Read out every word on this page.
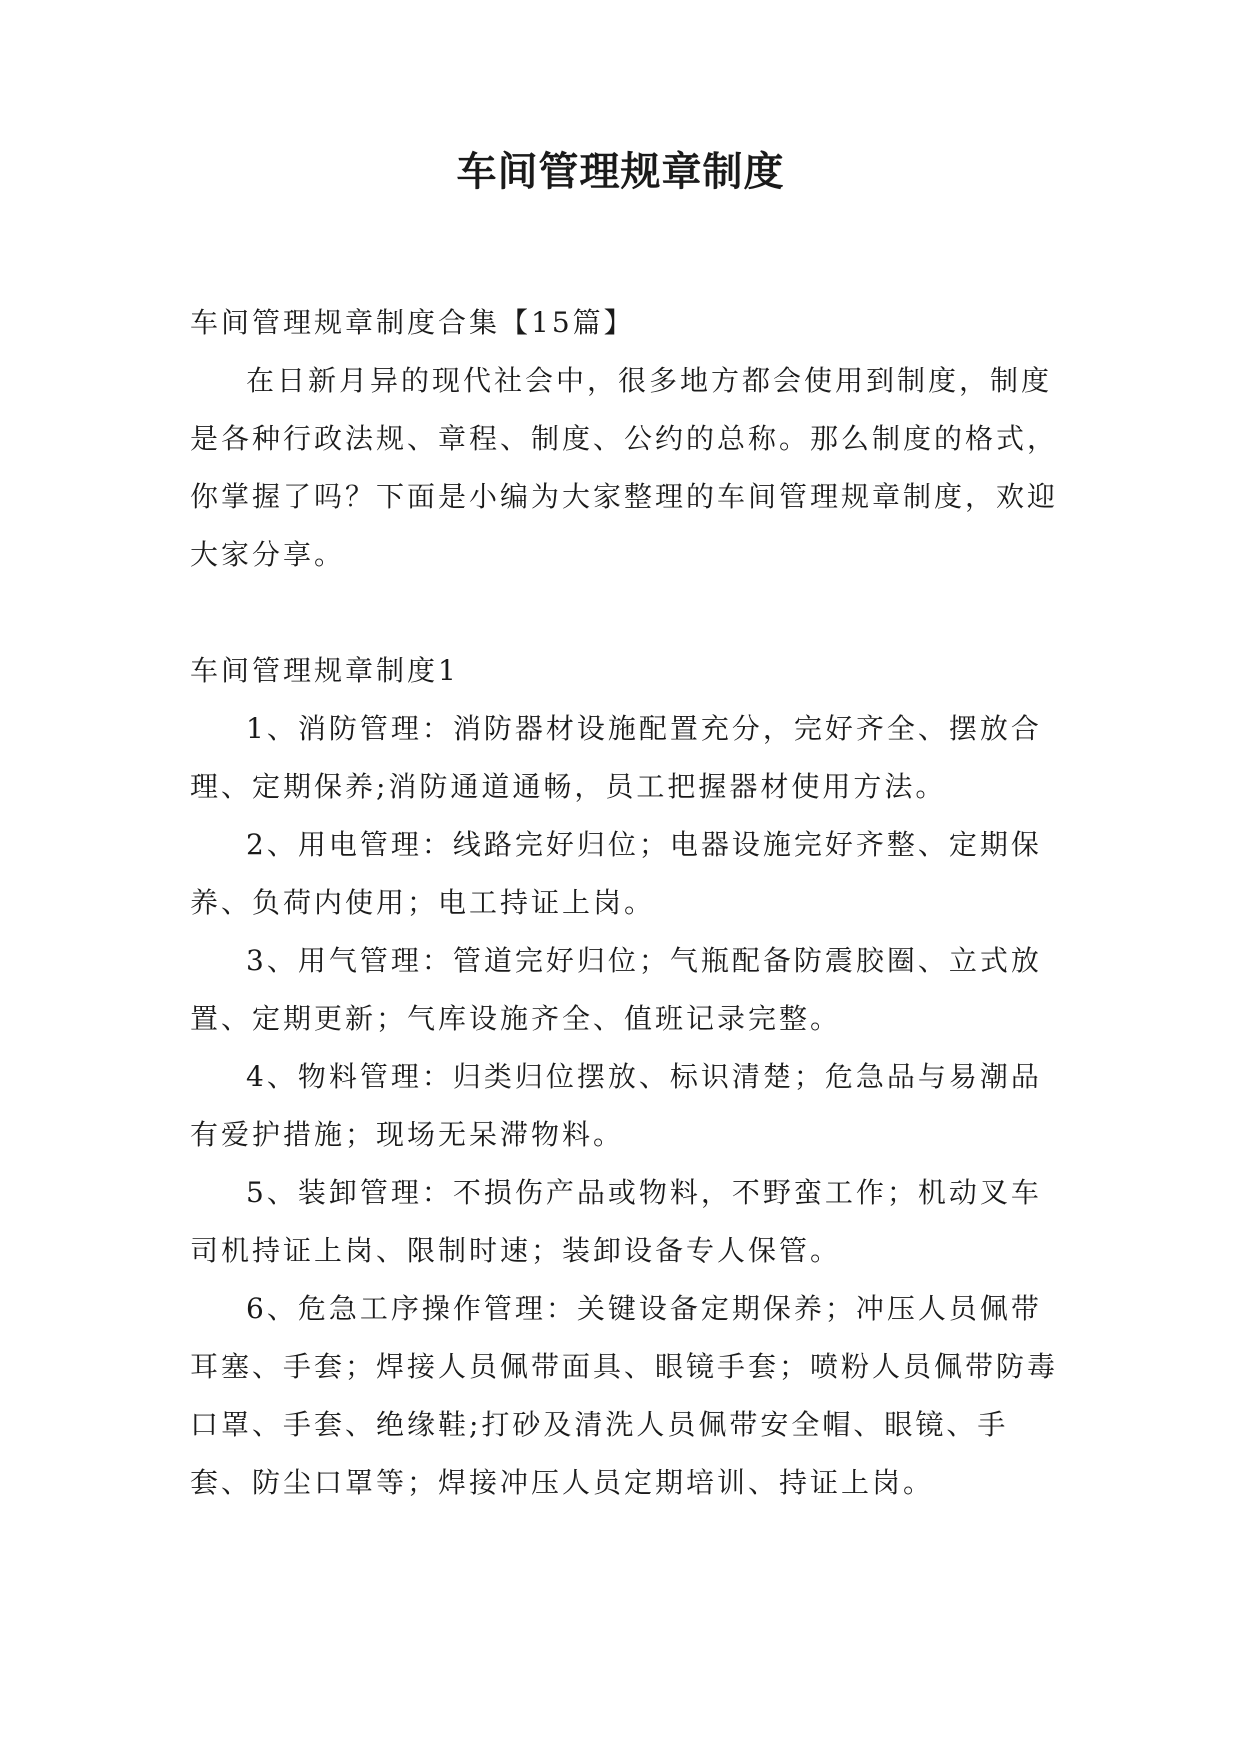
车间管理规章制度

车间管理规章制度合集【15篇】

在日新月异的现代社会中，很多地方都会使用到制度，制度是各种行政法规、章程、制度、公约的总称。那么制度的格式，你掌握了吗？下面是小编为大家整理的车间管理规章制度，欢迎大家分享。

车间管理规章制度1

1、消防管理：消防器材设施配置充分，完好齐全、摆放合理、定期保养;消防通道通畅，员工把握器材使用方法。

2、用电管理：线路完好归位；电器设施完好齐整、定期保养、负荷内使用；电工持证上岗。

3、用气管理：管道完好归位；气瓶配备防震胶圈、立式放置、定期更新；气库设施齐全、值班记录完整。

4、物料管理：归类归位摆放、标识清楚；危急品与易潮品有爱护措施；现场无呆滞物料。

5、装卸管理：不损伤产品或物料，不野蛮工作；机动叉车司机持证上岗、限制时速；装卸设备专人保管。

6、危急工序操作管理：关键设备定期保养；冲压人员佩带耳塞、手套；焊接人员佩带面具、眼镜手套；喷粉人员佩带防毒口罩、手套、绝缘鞋;打砂及清洗人员佩带安全帽、眼镜、手套、防尘口罩等；焊接冲压人员定期培训、持证上岗。
